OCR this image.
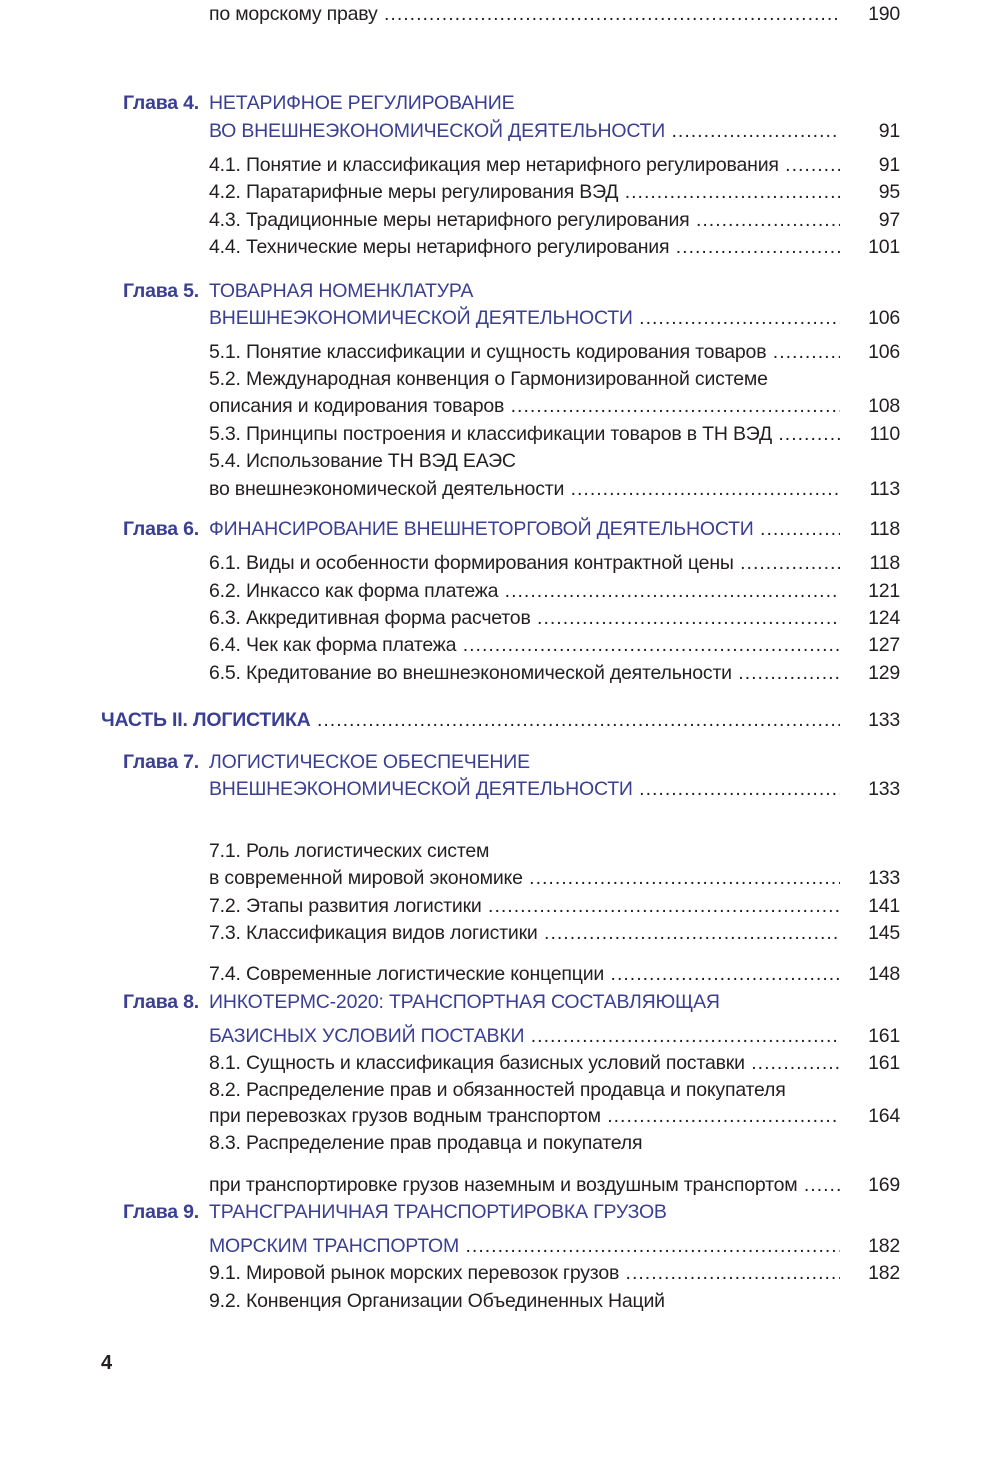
Глава 4. НЕТАРИФНОЕ РЕГУЛИРОВАНИЕ
ВО ВНЕШНЕЭКОНОМИЧЕСКОЙ ДЕЯТЕЛЬНОСТИ .....	91
4.1. Понятие и классификация мер нетарифного регулирования .....	91
4.2. Паратарифные меры регулирования ВЭД .....	95
4.3. Традиционные меры нетарифного регулирования .....	97
4.4. Технические меры нетарифного регулирования .....	101
Глава 5. ТОВАРНАЯ НОМЕНКЛАТУРА
ВНЕШНЕЭКОНОМИЧЕСКОЙ ДЕЯТЕЛЬНОСТИ .....	106
5.1. Понятие классификации и сущность кодирования товаров .....	106
5.2. Международная конвенция о Гармонизированной системе
описания и кодирования товаров .....	108
5.3. Принципы построения и классификации товаров в ТН ВЭД .....	110
5.4. Использование ТН ВЭД ЕАЭС
во внешнеэкономической деятельности .....	113
Глава 6. ФИНАНСИРОВАНИЕ ВНЕШНЕТОРГОВОЙ ДЕЯТЕЛЬНОСТИ .....	118
6.1. Виды и особенности формирования контрактной цены .....	118
6.2. Инкассо как форма платежа .....	121
6.3. Аккредитивная форма расчетов .....	124
6.4. Чек как форма платежа .....	127
6.5. Кредитование во внешнеэкономической деятельности .....	129
ЧАСТЬ II. ЛОГИСТИКА .....	133
Глава 7. ЛОГИСТИЧЕСКОЕ ОБЕСПЕЧЕНИЕ
ВНЕШНЕЭКОНОМИЧЕСКОЙ ДЕЯТЕЛЬНОСТИ .....	133
7.1. Роль логистических систем
в современной мировой экономике .....	133
7.2. Этапы развития логистики .....	141
7.3. Классификация видов логистики .....	145
7.4. Современные логистические концепции .....	148
Глава 8. ИНКОТЕРМС-2020: ТРАНСПОРТНАЯ СОСТАВЛЯЮЩАЯ
БАЗИСНЫХ УСЛОВИЙ ПОСТАВКИ .....	161
8.1. Сущность и классификация базисных условий поставки .....	161
8.2. Распределение прав и обязанностей продавца и покупателя
при перевозках грузов водным транспортом .....	164
8.3. Распределение прав продавца и покупателя
при транспортировке грузов наземным и воздушным транспортом .....	169
Глава 9. ТРАНСГРАНИЧНАЯ ТРАНСПОРТИРОВКА ГРУЗОВ
МОРСКИМ ТРАНСПОРТОМ .....	182
9.1. Мировой рынок морских перевозок грузов .....	182
9.2. Конвенция Организации Объединенных Наций
по морскому праву .....	190
4
